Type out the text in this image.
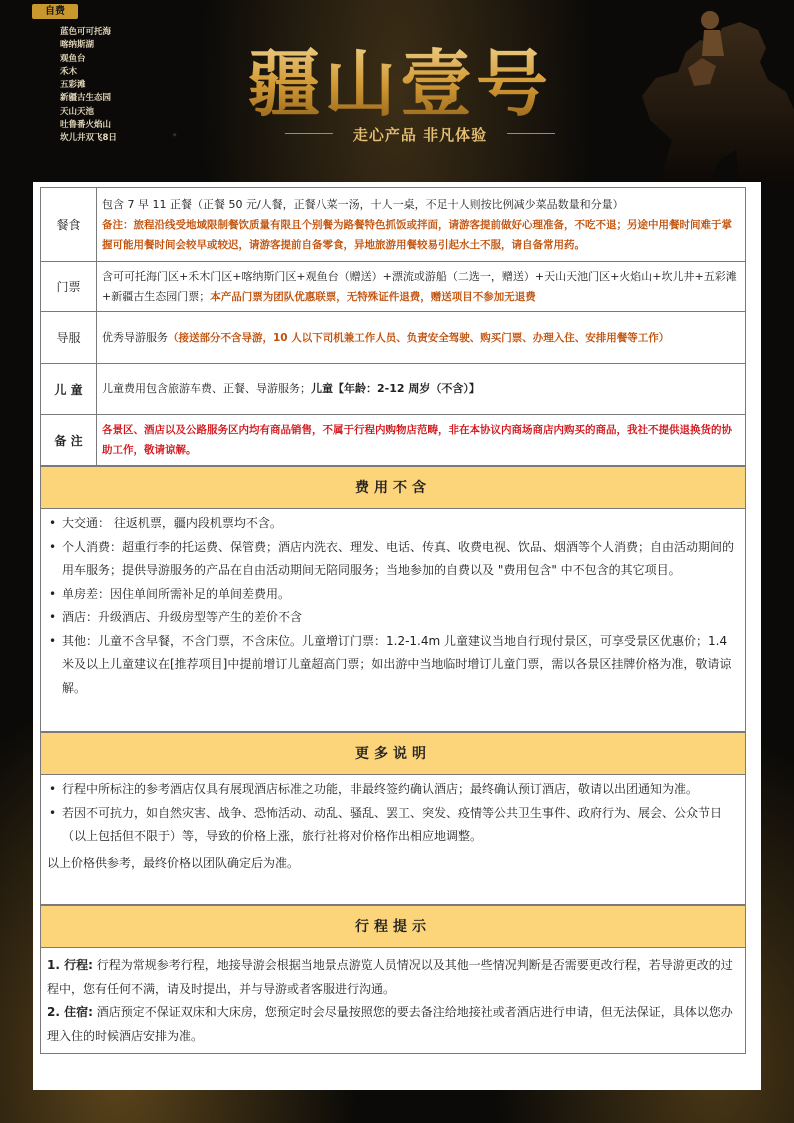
自费
蓝色可可托海
喀纳斯湖
观鱼台
禾木
五彩滩
新疆古生态园
天山天池
吐鲁番火焰山
坎儿井双飞8日
疆山壹号
走心产品 非凡体验
餐食	包含 7 早 11 正餐（正餐 50 元/人餐，正餐八菜一汤，十人一桌，不足十人则按比例减少菜品数量和分量）
备注：旅程沿线受地域限制餐饮质量有限且个别餐为路餐特色抓饭或拌面，请游客提前做好心理准备，不吃不退；另途中用餐时间难于掌握可能用餐时间会较早或较迟，请游客提前自备零食，异地旅游用餐较易引起水土不服，请自备常用药。

门票	含可可托海门区+禾木门区+喀纳斯门区+观鱼台（赠送）+漂流或游船（二选一，赠送）+天山天池门区+火焰山+坎儿井+五彩滩+新疆古生态园门票；本产品门票为团队优惠联票，无特殊证件退费，赠送项目不参加无退费
导服	优秀导游服务（接送部分不含导游，10 人以下司机兼工作人员、负责安全驾驶、购买门票、办理入住、安排用餐等工作）
儿 童	儿童费用包含旅游车费、正餐、导游服务；儿童【年龄：2-12 周岁（不含）】
备 注	各景区、酒店以及公路服务区内均有商品销售，不属于行程内购物店范畴，非在本协议内商场商店内购买的商品，我社不提供退换货的协助工作，敬请谅解。
费用不含
• 大交通： 往返机票，疆内段机票均不含。
• 个人消费：超重行李的托运费、保管费；酒店内洗衣、理发、电话、传真、收费电视、饮品、烟酒等个人消费；自由活动期间的用车服务；提供导游服务的产品在自由活动期间无陪同服务；当地参加的自费以及 "费用包含" 中不包含的其它项目。
• 单房差：因住单间所需补足的单间差费用。
• 酒店：升级酒店、升级房型等产生的差价不含
• 其他：儿童不含早餐，不含门票，不含床位。儿童增订门票：1.2-1.4m 儿童建议当地自行现付景区，可享受景区优惠价；1.4 米及以上儿童建议在[推荐项目]中提前增订儿童超高门票；如出游中当地临时增订儿童门票，需以各景区挂牌价格为准，敬请谅解。
更多说明
• 行程中所标注的参考酒店仅具有展现酒店标准之功能，非最终签约确认酒店；最终确认预订酒店，敬请以出团通知为准。
• 若因不可抗力，如自然灾害、战争、恐怖活动、动乱、骚乱、罢工、突发、疫情等公共卫生事件、政府行为、展会、公众节日（以上包括但不限于）等，导致的价格上涨，旅行社将对价格作出相应地调整。
以上价格供参考，最终价格以团队确定后为准。
行程提示

1. 行程: 行程为常规参考行程，地接导游会根据当地景点游览人员情况以及其他一些情况判断是否需要更改行程，若导游更改的过程中，您有任何不满，请及时提出，并与导游或者客服进行沟通。

2. 住宿: 酒店预定不保证双床和大床房，您预定时会尽量按照您的要去备注给地接社或者酒店进行申请，但无法保证，具体以您办理入住的时候酒店安排为准。
